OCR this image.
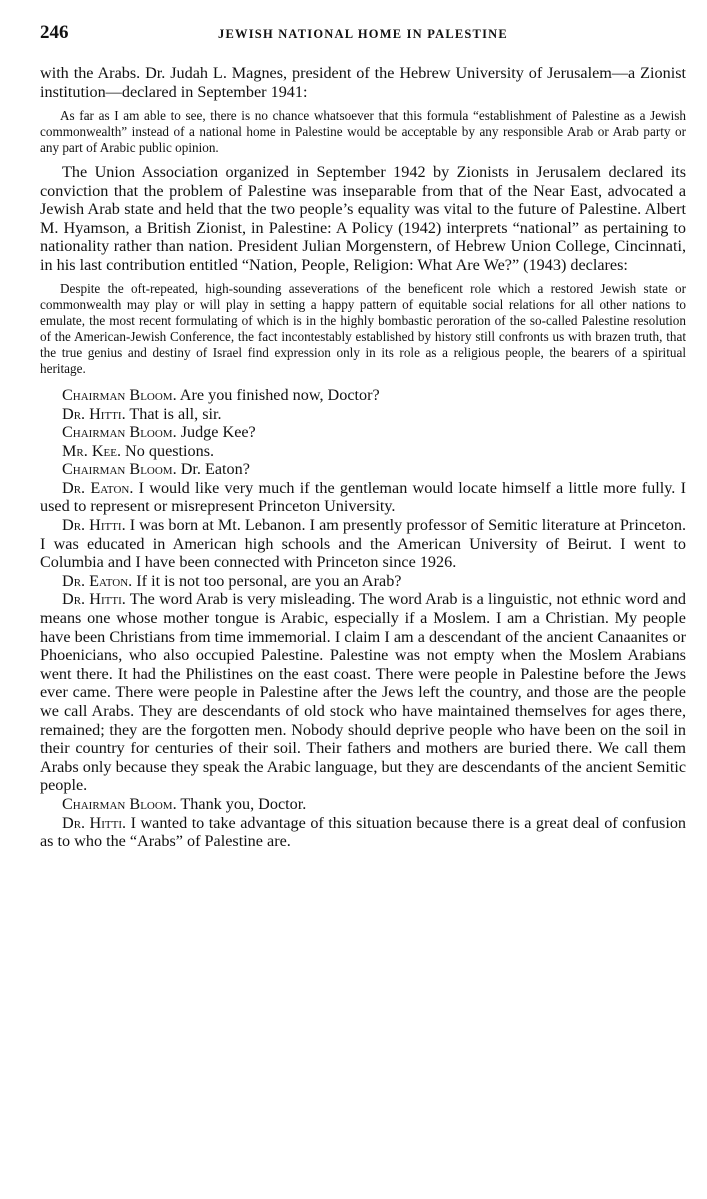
246	JEWISH NATIONAL HOME IN PALESTINE

with the Arabs. Dr. Judah L. Magnes, president of the Hebrew University of Jerusalem—a Zionist institution—declared in September 1941:

As far as I am able to see, there is no chance whatsoever that this formula “establishment of Palestine as a Jewish commonwealth” instead of a national home in Palestine would be acceptable by any responsible Arab or Arab party or any part of Arabic public opinion.

The Union Association organized in September 1942 by Zionists in Jerusalem declared its conviction that the problem of Palestine was inseparable from that of the Near East, advocated a Jewish Arab state and held that the two people’s equality was vital to the future of Palestine. Albert M. Hyamson, a British Zionist, in Palestine: A Policy (1942) interprets “national” as pertaining to nationality rather than nation. President Julian Morgenstern, of Hebrew Union College, Cincinnati, in his last contribution entitled “Nation, People, Religion: What Are We?” (1943) declares:

Despite the oft-repeated, high-sounding asseverations of the beneficent role which a restored Jewish state or commonwealth may play or will play in setting a happy pattern of equitable social relations for all other nations to emulate, the most recent formulating of which is in the highly bombastic peroration of the so-called Palestine resolution of the American-Jewish Conference, the fact incontestably established by history still confronts us with brazen truth, that the true genius and destiny of Israel find expression only in its role as a religious people, the bearers of a spiritual heritage.

Chairman Bloom. Are you finished now, Doctor?

Dr. Hitti. That is all, sir.

Chairman Bloom. Judge Kee?

Mr. Kee. No questions.

Chairman Bloom. Dr. Eaton?

Dr. Eaton. I would like very much if the gentleman would locate himself a little more fully. I used to represent or misrepresent Princeton University.

Dr. Hitti. I was born at Mt. Lebanon. I am presently professor of Semitic literature at Princeton. I was educated in American high schools and the American University of Beirut. I went to Columbia and I have been connected with Princeton since 1926.

Dr. Eaton. If it is not too personal, are you an Arab?

Dr. Hitti. The word Arab is very misleading. The word Arab is a linguistic, not ethnic word and means one whose mother tongue is Arabic, especially if a Moslem. I am a Christian. My people have been Christians from time immemorial. I claim I am a descendant of the ancient Canaanites or Phoenicians, who also occupied Palestine. Palestine was not empty when the Moslem Arabians went there. It had the Philistines on the east coast. There were people in Palestine before the Jews ever came. There were people in Palestine after the Jews left the country, and those are the people we call Arabs. They are descendants of old stock who have maintained themselves for ages there, remained; they are the forgotten men. Nobody should deprive people who have been on the soil in their country for centuries of their soil. Their fathers and mothers are buried there. We call them Arabs only because they speak the Arabic language, but they are descendants of the ancient Semitic people.

Chairman Bloom. Thank you, Doctor.

Dr. Hitti. I wanted to take advantage of this situation because there is a great deal of confusion as to who the “Arabs” of Palestine are.
